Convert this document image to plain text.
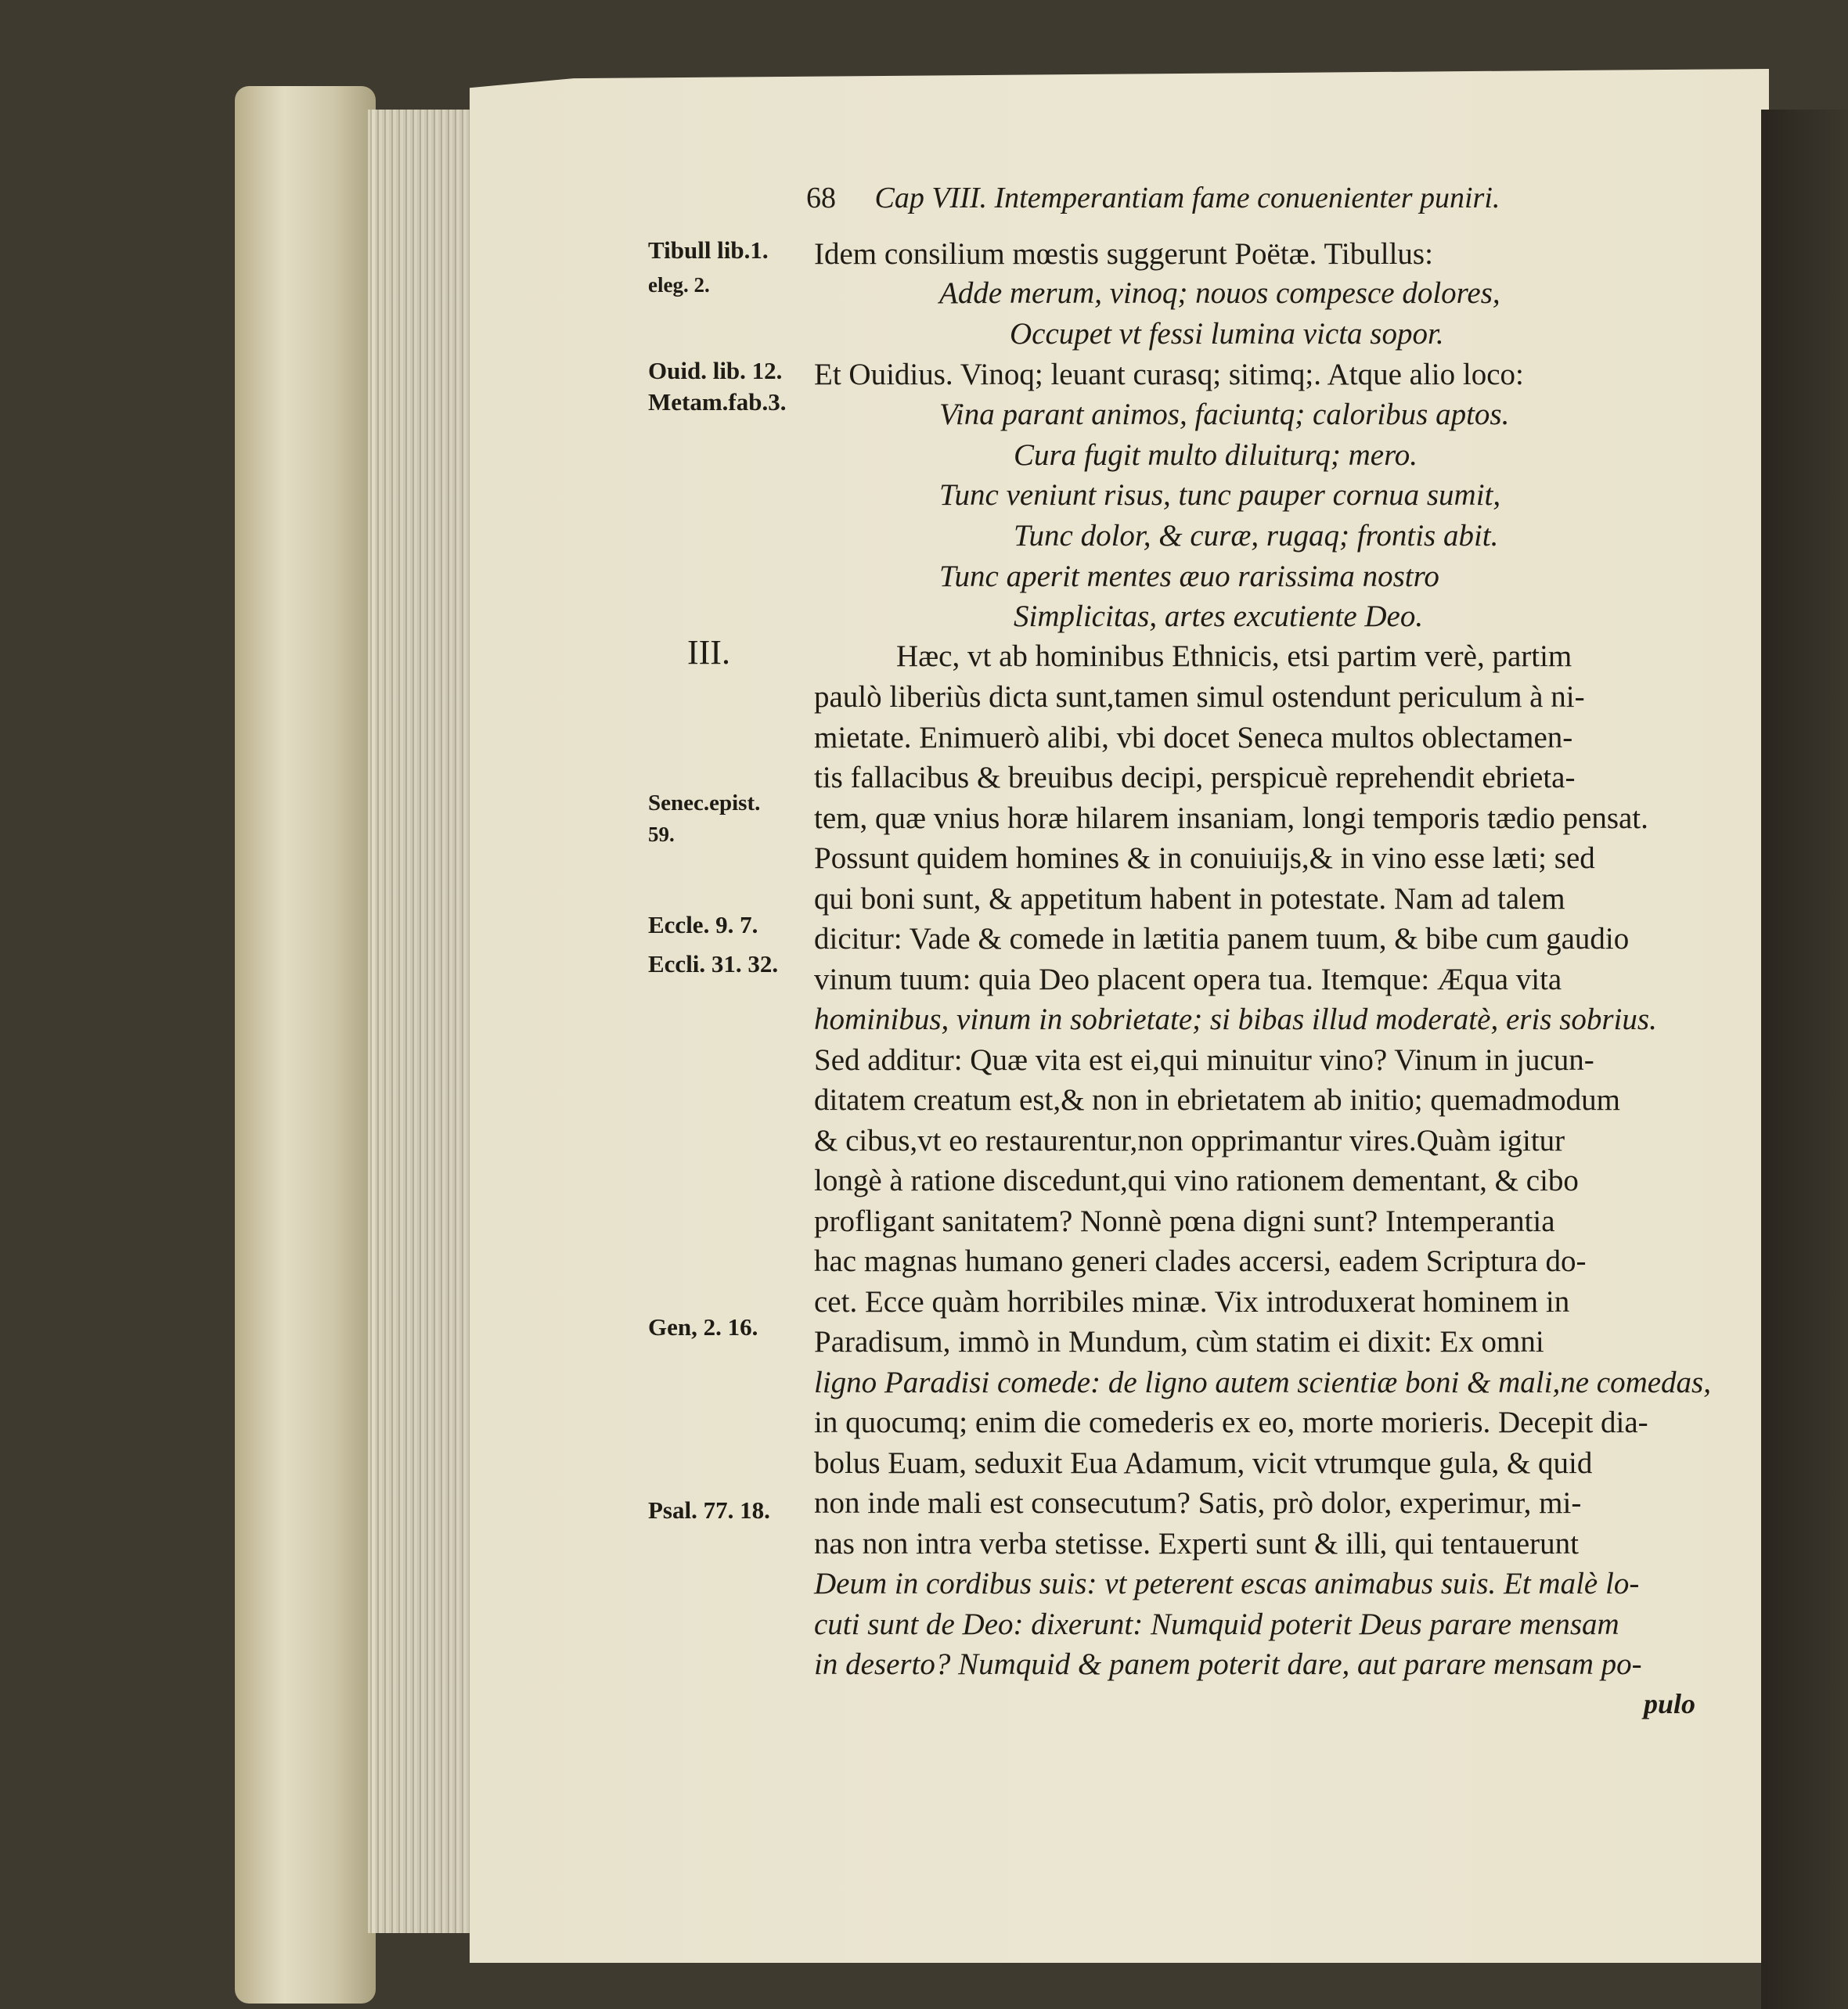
68 Cap VIII. Intemperantiam fame conuenienter puniri.
Tibull lib.1.
eleg. 2.
Ouid. lib. 12.
Metam.fab.3.
III.
Senec.epist.
59.
Eccle. 9. 7.
Eccli. 31. 32.
Gen, 2. 16.
Psal. 77. 18.
Idem consilium mœstis suggerunt Poëtæ. Tibullus:
Adde merum, vinoq; nouos compesce dolores,
Occupet vt fessi lumina victa sopor.
Et Ouidius. Vinoq; leuant curasq; sitimq;. Atque alio loco:
Vina parant animos, faciuntq; caloribus aptos.
Cura fugit multo diluiturq; mero.
Tunc veniunt risus, tunc pauper cornua sumit,
Tunc dolor, & curæ, rugaq; frontis abit.
Tunc aperit mentes æuo rarissima nostro
Simplicitas, artes excutiente Deo.
Hæc, vt ab hominibus Ethnicis, etsi partim verè, partim
paulò liberiùs dicta sunt,tamen simul ostendunt periculum à ni-
mietate. Enimuerò alibi, vbi docet Seneca multos oblectamen-
tis fallacibus & breuibus decipi, perspicuè reprehendit ebrieta-
tem, quæ vnius horæ hilarem insaniam, longi temporis tædio pensat.
Possunt quidem homines & in conuiuijs,& in vino esse læti; sed
qui boni sunt, & appetitum habent in potestate. Nam ad talem
dicitur: Vade & comede in lætitia panem tuum, & bibe cum gaudio
vinum tuum: quia Deo placent opera tua. Itemque: Æqua vita
hominibus, vinum in sobrietate; si bibas illud moderatè, eris sobrius.
Sed additur: Quæ vita est ei,qui minuitur vino? Vinum in jucun-
ditatem creatum est,& non in ebrietatem ab initio; quemadmodum
& cibus,vt eo restaurentur,non opprimantur vires.Quàm igitur
longè à ratione discedunt,qui vino rationem dementant, & cibo
profligant sanitatem? Nonnè pœna digni sunt? Intemperantia
hac magnas humano generi clades accersi, eadem Scriptura do-
cet. Ecce quàm horribiles minæ. Vix introduxerat hominem in
Paradisum, immò in Mundum, cùm statim ei dixit: Ex omni
ligno Paradisi comede: de ligno autem scientiæ boni & mali,ne comedas,
in quocumq; enim die comederis ex eo, morte morieris. Decepit dia-
bolus Euam, seduxit Eua Adamum, vicit vtrumque gula, & quid
non inde mali est consecutum? Satis, prò dolor, experimur, mi-
nas non intra verba stetisse. Experti sunt & illi, qui tentauerunt
Deum in cordibus suis: vt peterent escas animabus suis. Et malè lo-
cuti sunt de Deo: dixerunt: Numquid poterit Deus parare mensam
in deserto? Numquid & panem poterit dare, aut parare mensam po-
pulo
